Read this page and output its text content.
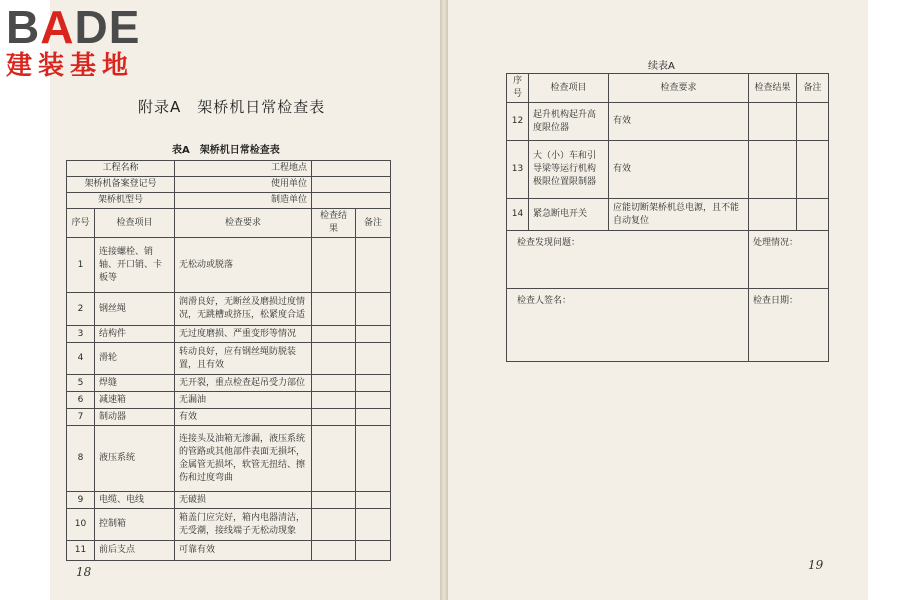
BADE
建装基地
附录A　架桥机日常检查表
表A　架桥机日常检查表
工程名称		工程地点		
架桥机备案登记号		使用单位		
架桥机型号		制造单位		
序号	检查项目	检查要求	检查结果	备注
1	连接螺栓、销轴、开口销、卡板等	无松动或脱落		
2	钢丝绳	润滑良好，无断丝及磨损过度情况，无跳槽或挤压，松紧度合适		
3	结构件	无过度磨损、严重变形等情况		
4	滑轮	转动良好，应有钢丝绳防脱装置，且有效		
5	焊缝	无开裂，重点检查起吊受力部位		
6	减速箱	无漏油		
7	制动器	有效		
8	液压系统	连接头及油箱无渗漏，液压系统的管路或其他部件表面无損坏，金属管无损坏，软管无扭结、擦伤和过度弯曲		
9	电缆、电线	无破损		
10	控制箱	箱盖门应完好，箱内电器清洁，无受潮，接线端子无松动现象		
11	前后支点	可靠有效		
18
续表A
序号	检查项目	检查要求	检查结果	备注
12	起升机构起升高度限位器	有效		
13	大（小）车和引导梁等运行机构极限位置限制器	有效		
14	紧急断电开关	应能切断架桥机总电源，且不能自动复位		
检查发现问题：			处理情况：	
检查人签名：			检查日期：	
19
